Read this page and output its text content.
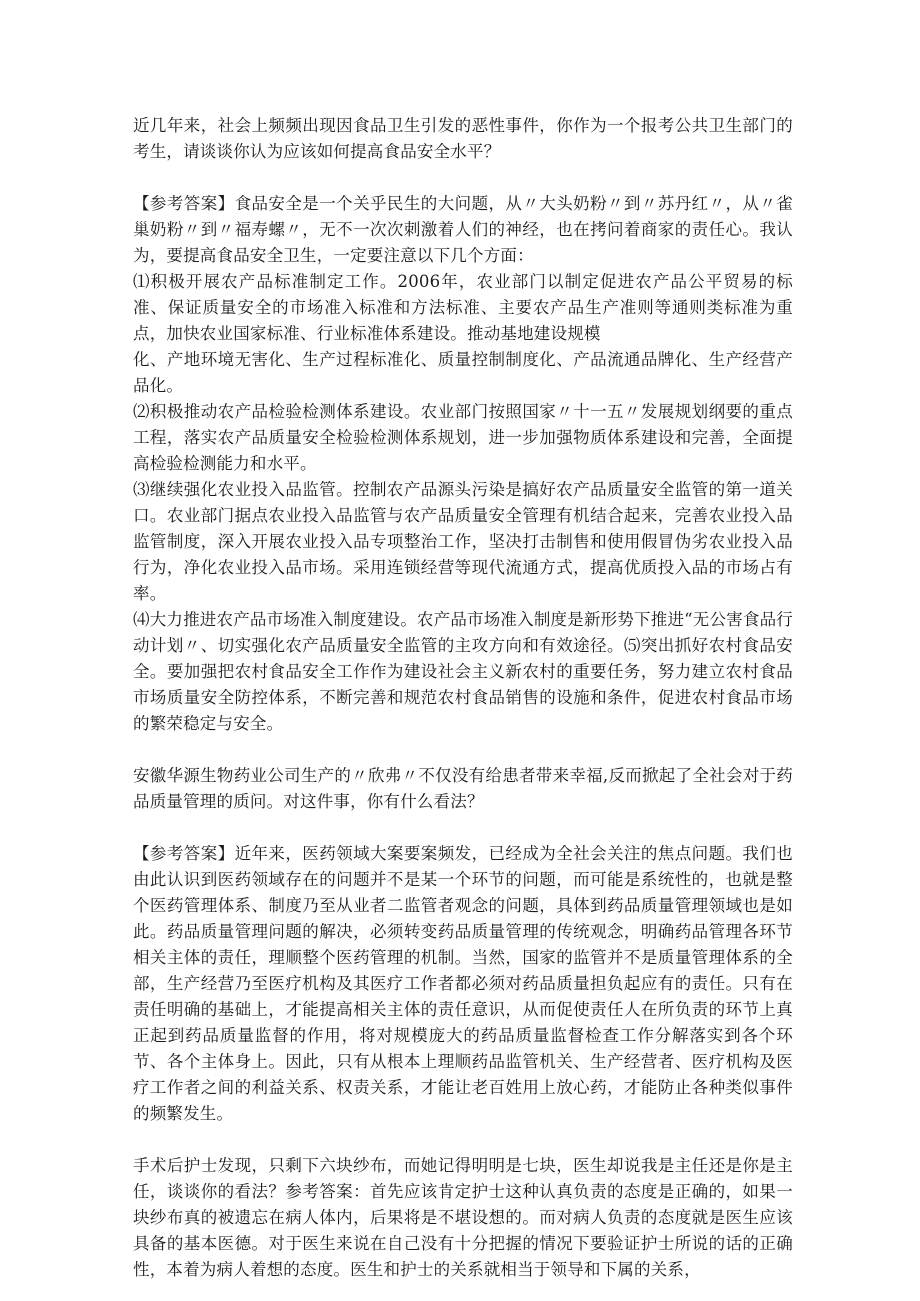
近几年来，社会上频频出现因食品卫生引发的恶性事件，你作为一个报考公共卫生部门的考生，请谈谈你认为应该如何提高食品安全水平？

【参考答案】食品安全是一个关乎民生的大问题，从〃大头奶粉〃到〃苏丹红〃，从〃雀巢奶粉〃到〃福寿螺〃，无不一次次刺激着人们的神经，也在拷问着商家的责任心。我认为，要提高食品安全卫生，一定要注意以下几个方面：

⑴积极开展农产品标准制定工作。2006年，农业部门以制定促进农产品公平贸易的标准、保证质量安全的市场准入标准和方法标准、主要农产品生产准则等通则类标准为重点，加快农业国家标准、行业标准体系建设。推动基地建设规模

化、产地环境无害化、生产过程标准化、质量控制制度化、产品流通品牌化、生产经营产品化。

⑵积极推动农产品检验检测体系建设。农业部门按照国家〃十一五〃发展规划纲要的重点工程，落实农产品质量安全检验检测体系规划，进一步加强物质体系建设和完善，全面提高检验检测能力和水平。

⑶继续强化农业投入品监管。控制农产品源头污染是搞好农产品质量安全监管的第一道关口。农业部门据点农业投入品监管与农产品质量安全管理有机结合起来，完善农业投入品监管制度，深入开展农业投入品专项整治工作，坚决打击制售和使用假冒伪劣农业投入品行为，净化农业投入品市场。采用连锁经营等现代流通方式，提高优质投入品的市场占有率。

⑷大力推进农产品市场准入制度建设。农产品市场准入制度是新形势下推进“无公害食品行动计划〃、切实强化农产品质量安全监管的主攻方向和有效途径。⑸突出抓好农村食品安全。要加强把农村食品安全工作作为建设社会主义新农村的重要任务，努力建立农村食品市场质量安全防控体系，不断完善和规范农村食品销售的设施和条件，促进农村食品市场的繁荣稳定与安全。

安徽华源生物药业公司生产的〃欣弗〃不仅没有给患者带来幸福,反而掀起了全社会对于药品质量管理的质问。对这件事，你有什么看法？

【参考答案】近年来，医药领域大案要案频发，已经成为全社会关注的焦点问题。我们也由此认识到医药领域存在的问题并不是某一个环节的问题，而可能是系统性的，也就是整个医药管理体系、制度乃至从业者二监管者观念的问题，具体到药品质量管理领域也是如此。药品质量管理问题的解决，必须转变药品质量管理的传统观念，明确药品管理各环节相关主体的责任，理顺整个医药管理的机制。当然，国家的监管并不是质量管理体系的全部，生产经营乃至医疗机构及其医疗工作者都必须对药品质量担负起应有的责任。只有在责任明确的基础上，才能提高相关主体的责任意识，从而促使责任人在所负责的环节上真正起到药品质量监督的作用，将对规模庞大的药品质量监督检查工作分解落实到各个环节、各个主体身上。因此，只有从根本上理顺药品监管机关、生产经营者、医疗机构及医疗工作者之间的利益关系、权责关系，才能让老百姓用上放心药，才能防止各种类似事件的频繁发生。

手术后护士发现，只剩下六块纱布，而她记得明明是七块，医生却说我是主任还是你是主任，谈谈你的看法？参考答案：首先应该肯定护士这种认真负责的态度是正确的，如果一块纱布真的被遗忘在病人体内，后果将是不堪设想的。而对病人负责的态度就是医生应该具备的基本医德。对于医生来说在自己没有十分把握的情况下要验证护士所说的话的正确性，本着为病人着想的态度。医生和护士的关系就相当于领导和下属的关系，
